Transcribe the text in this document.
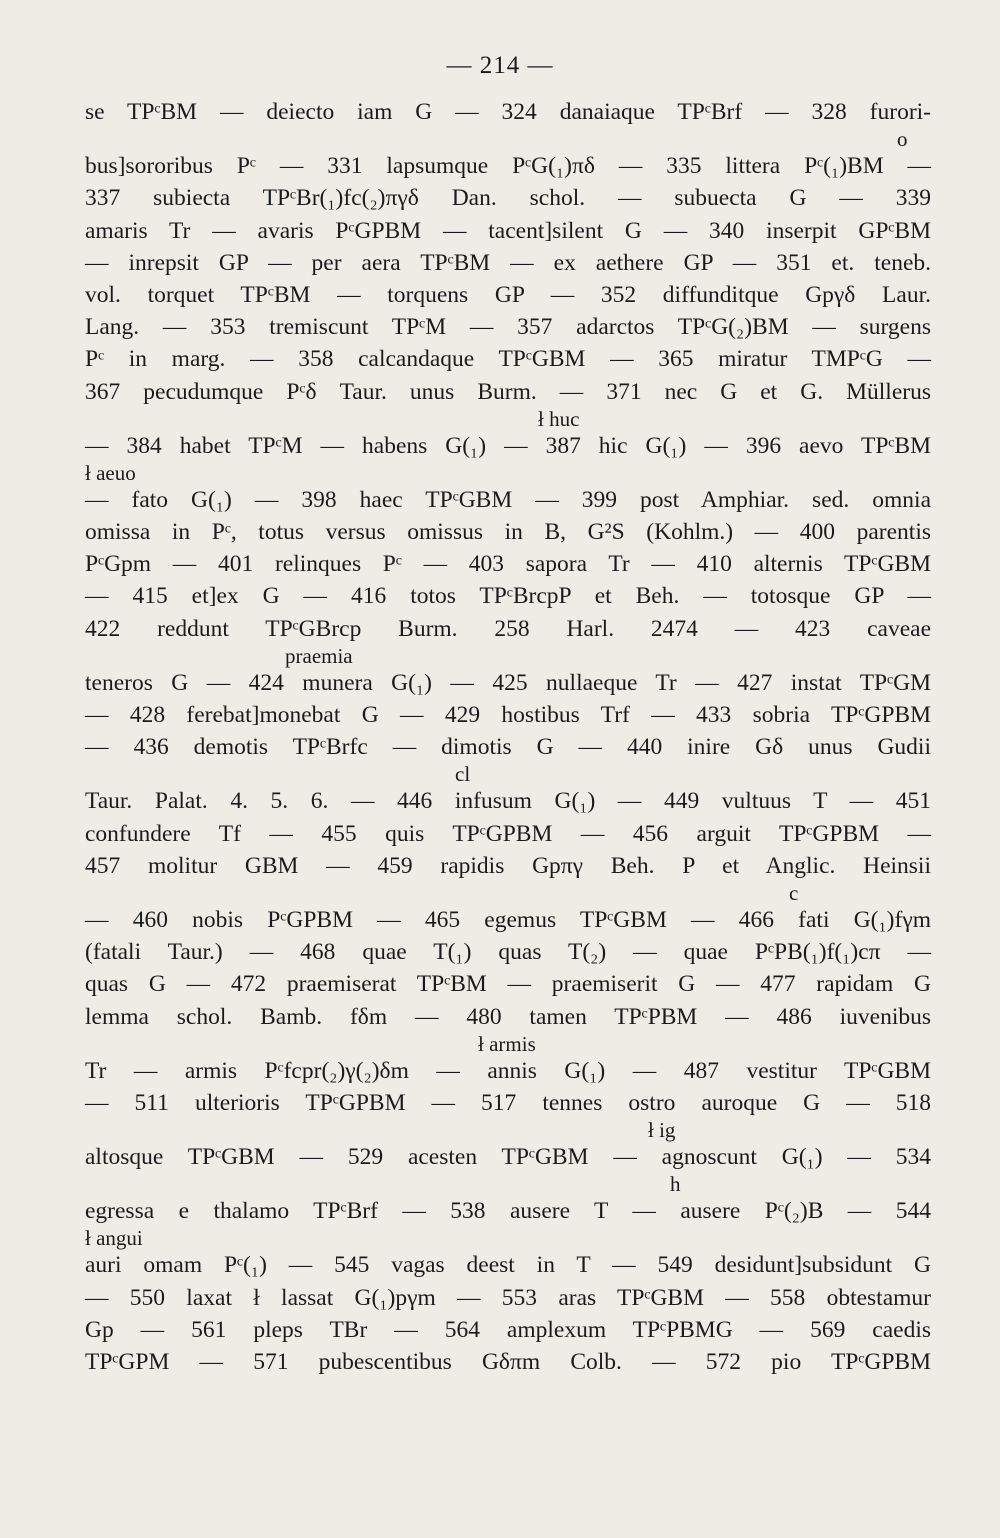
— 214 —
se TPᶜBM — deiecto iam G — 324 danaiaque TPᶜBrf — 328 furori-
o
bus]sororibus Pᶜ — 331 lapsumque PᶜG(₁)πδ — 335 littera Pᶜ(₁)BM —
337 subiecta TPᶜBr(₁)fc(₂)πγδ Dan. schol. — subuecta G — 339
amaris Tr — avaris PᶜGPBM — tacent]silent G — 340 inserpit GPᶜBM
— inrepsit GP — per aera TPᶜBM — ex aethere GP — 351 et. teneb.
vol. torquet TPᶜBM — torquens GP — 352 diffunditque Gpγδ Laur.
Lang. — 353 tremiscunt TPᶜM — 357 adarctos TPᶜG(₂)BM — surgens
Pᶜ in marg. — 358 calcandaque TPᶜGBM — 365 miratur TMPᶜG —
367 pecudumque Pᶜδ Taur. unus Burm. — 371 nec G et G. Müllerus
ł huc
— 384 habet TPᶜM — habens G(₁) — 387 hic G(₁) — 396 aevo TPᶜBM
ł aeuo
— fato G(₁) — 398 haec TPᶜGBM — 399 post Amphiar. sed. omnia
omissa in Pᶜ, totus versus omissus in B, G²S (Kohlm.) — 400 parentis
PᶜGpm — 401 relinques Pᶜ — 403 sapora Tr — 410 alternis TPᶜGBM
— 415 et]ex G — 416 totos TPᶜBrcpP et Beh. — totosque GP —
422 reddunt TPᶜGBrcp Burm. 258 Harl. 2474 — 423 caveae
praemia
teneros G — 424 munera G(₁) — 425 nullaeque Tr — 427 instat TPᶜGM
— 428 ferebat]monebat G — 429 hostibus Trf — 433 sobria TPᶜGPBM
— 436 demotis TPᶜBrfc — dimotis G — 440 inire Gδ unus Gudii
cl
Taur. Palat. 4. 5. 6. — 446 infusum G(₁) — 449 vultuus T — 451
confundere Tf — 455 quis TPᶜGPBM — 456 arguit TPᶜGPBM —
457 molitur GBM — 459 rapidis Gpπγ Beh. P et Anglic. Heinsii
c
— 460 nobis PᶜGPBM — 465 egemus TPᶜGBM — 466 fati G(₁)fγm
(fatali Taur.) — 468 quae T(₁) quas T(₂) — quae PᶜPB(₁)f(₁)cπ —
quas G — 472 praemiserat TPᶜBM — praemiserit G — 477 rapidam G
lemma schol. Bamb. fδm — 480 tamen TPᶜPBM — 486 iuvenibus
ł armis
Tr — armis Pᶜfcpr(₂)γ(₂)δm — annis G(₁) — 487 vestitur TPᶜGBM
— 511 ulterioris TPᶜGPBM — 517 tennes ostro auroque G — 518
ł ig
altosque TPᶜGBM — 529 acesten TPᶜGBM — agnoscunt G(₁) — 534
h
egressa e thalamo TPᶜBrf — 538 ausere T — ausere Pᶜ(₂)B — 544
ł angui
auri omam Pᶜ(₁) — 545 vagas deest in T — 549 desidunt]subsidunt G
— 550 laxat ł lassat G(₁)pγm — 553 aras TPᶜGBM — 558 obtestamur
Gp — 561 pleps TBr — 564 amplexum TPᶜPBMG — 569 caedis
TPᶜGPM — 571 pubescentibus Gδπm Colb. — 572 pio TPᶜGPBM
